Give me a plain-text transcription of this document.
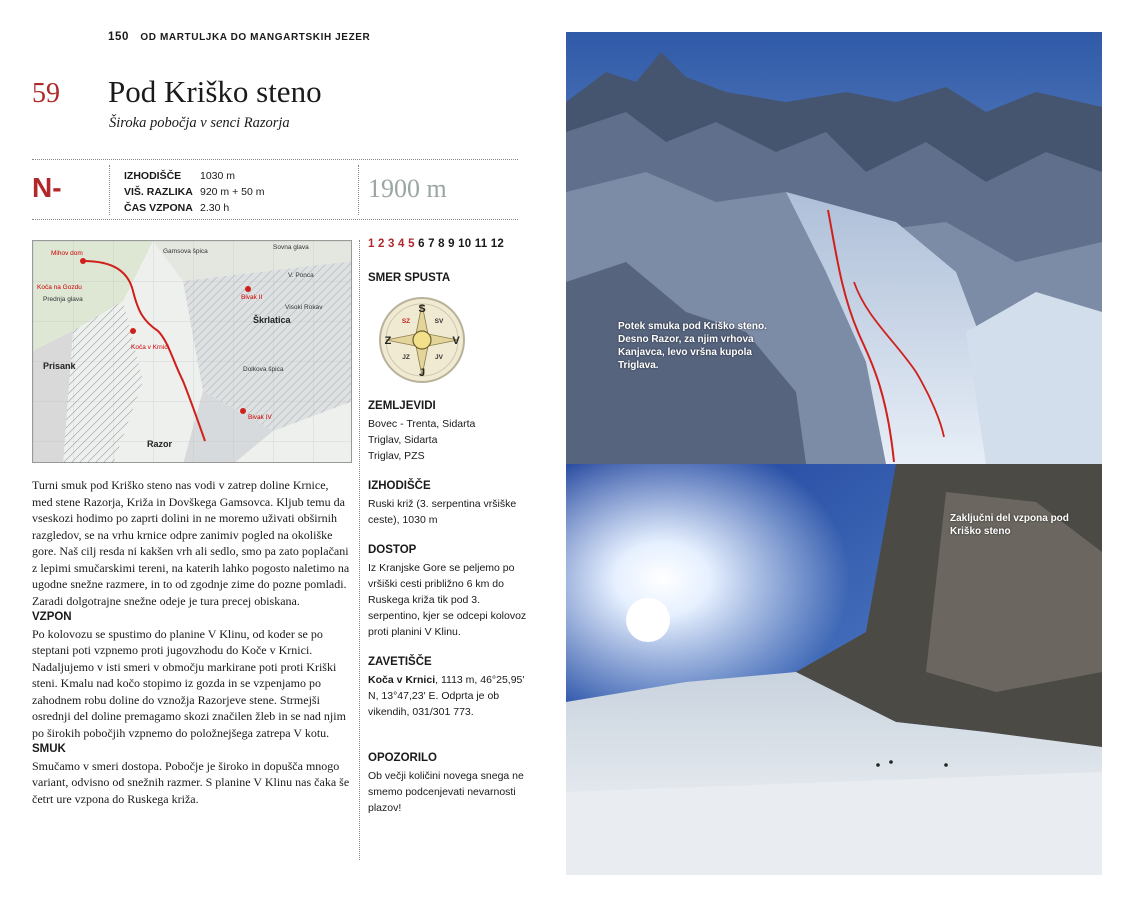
150 OD MARTULJKA DO MANGARTSKIH JEZER
59 Pod Kriško steno
Široka pobočja v senci Razorja
N-	IZHODIŠČE	1030 m
VIŠ. RAZLIKA 920 m + 50 m
ČAS VZPONA 2.30 h
1900 m
Mihov dom
Koča na Gozdu
Prednja glava
Prisank
Razor
Škrlatica
Dolkova špica
Koča v Krnici
Bivak IV
Bivak II
Sovna glava
Visoki Rokav
V. Ponca
Gamsova špica

Turni smuk pod Kriško steno nas vodi v zatrep doline Krnice, med stene Razorja, Križa in Dovškega Gamsovca. Kljub temu da vseskozi hodimo po zaprti dolini in ne moremo uživati obširnih razgledov, se na vrhu krnice odpre zanimiv pogled na okoliške gore. Naš cilj resda ni kakšen vrh ali sedlo, smo pa zato poplačani z lepimi smučarskimi tereni, na katerih lahko pogosto naletimo na ugodne snežne razmere, in to od zgodnje zime do pozne pomladi. Zaradi dolgotrajne snežne odeje je tura precej obiskana.

VZPON

Po kolovozu se spustimo do planine V Klinu, od koder se po steptani poti vzpnemo proti jugovzhodu do Koče v Krnici. Nadaljujemo v isti smeri v območju markirane poti proti Kriški steni. Kmalu nad kočo stopimo iz gozda in se vzpenjamo po zahodnem robu doline do vznožja Razorjeve stene. Strmejši osrednji del doline premagamo skozi značilen žleb in se nad njim po širokih pobočjih vzpnemo do položnejšega zatrepa V kotu.

SMUK

Smučamo v smeri dostopa. Pobočje je široko in dopušča mnogo variant, odvisno od snežnih razmer. S planine V Klinu nas čaka še četrt ure vzpona do Ruskega križa.

1 2 3 4 5 6 7 8 9 10 11 12
SMER SPUSTA
S
J
V
Z
SZ	SV
JZ	JV
ZEMLJEVIDI
Bovec - Trenta, Sidarta
Triglav, Sidarta
Triglav, PZS
IZHODIŠČE
Ruski križ (3. serpentina vršiške ceste), 1030 m
DOSTOP
Iz Kranjske Gore se peljemo po vršiški cesti približno 6 km do Ruskega križa tik pod 3. serpentino, kjer se odcepi kolovoz proti planini V Klinu.
ZAVETIŠČE
Koča v Krnici, 1113 m, 46°25,95' N, 13°47,23' E. Odprta je ob vikendih, 031/301 773.
OPOZORILO
Ob večji količini novega snega ne smemo podcenjevati nevarnosti plazov!
Potek smuka pod Kriško steno. Desno Razor, za njim vrhova Kanjavca, levo vršna kupola Triglava.
Zaključni del vzpona pod Kriško steno
